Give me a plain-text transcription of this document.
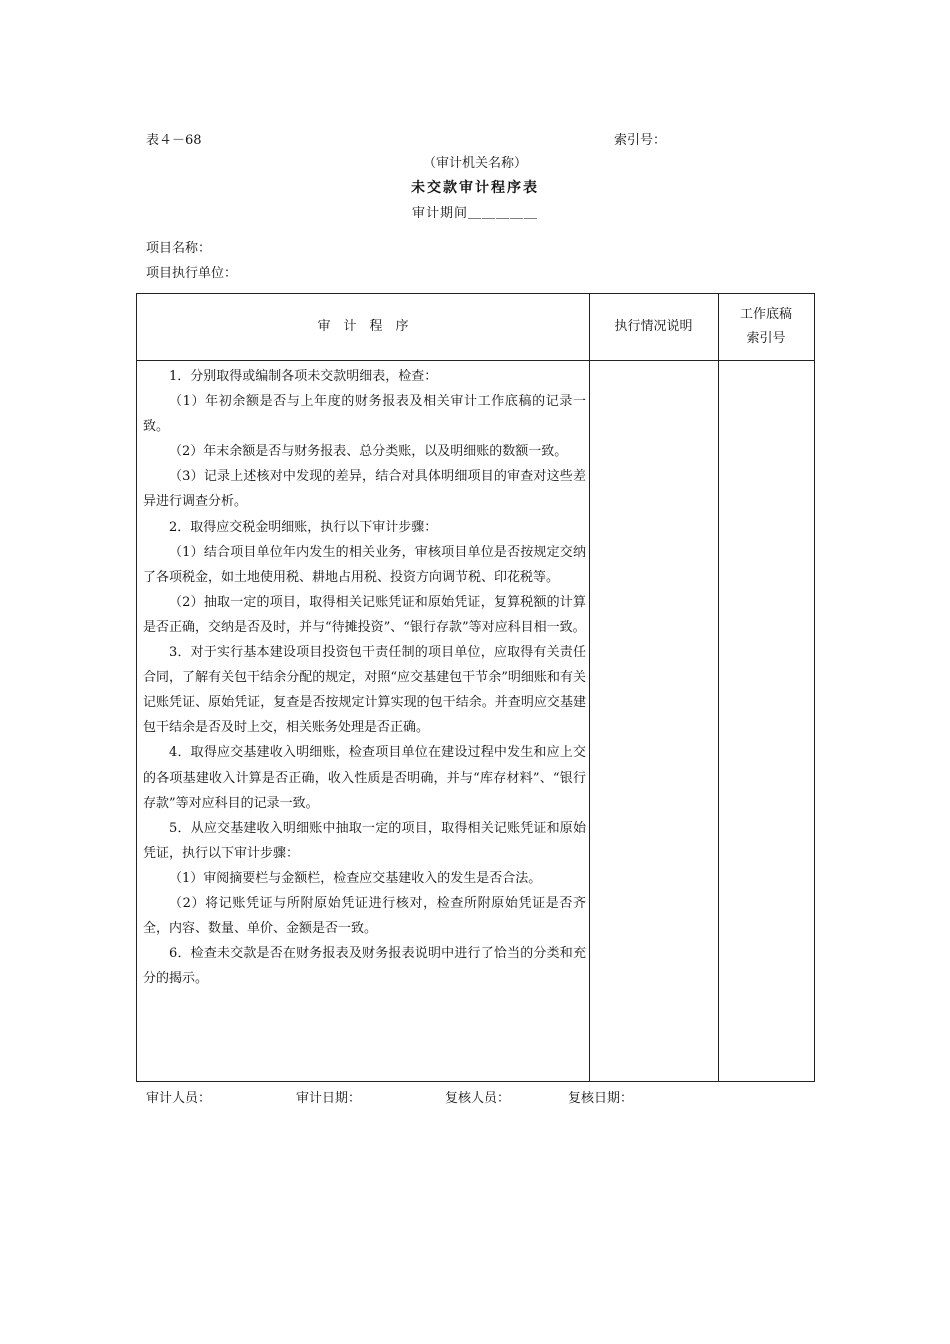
表４－68	索引号：
（审计机关名称）
未交款审计程序表
审计期间＿＿＿＿＿
项目名称：
项目执行单位：
审　计　程　序	执行情况说明
工作底稿
索引号

1．分别取得或编制各项未交款明细表，检查：

（1）年初余额是否与上年度的财务报表及相关审计工作底稿的记录一致。

（2）年末余额是否与财务报表、总分类账，以及明细账的数额一致。

（3）记录上述核对中发现的差异，结合对具体明细项目的审查对这些差异进行调查分析。

2．取得应交税金明细账，执行以下审计步骤：

（1）结合项目单位年内发生的相关业务，审核项目单位是否按规定交纳了各项税金，如土地使用税、耕地占用税、投资方向调节税、印花税等。

（2）抽取一定的项目，取得相关记账凭证和原始凭证，复算税额的计算是否正确，交纳是否及时，并与“待摊投资”、“银行存款”等对应科目相一致。

3．对于实行基本建设项目投资包干责任制的项目单位，应取得有关责任合同，了解有关包干结余分配的规定，对照“应交基建包干节余”明细账和有关记账凭证、原始凭证，复查是否按规定计算实现的包干结余。并查明应交基建包干结余是否及时上交，相关账务处理是否正确。

4．取得应交基建收入明细账，检查项目单位在建设过程中发生和应上交的各项基建收入计算是否正确，收入性质是否明确，并与“库存材料”、“银行存款”等对应科目的记录一致。

5．从应交基建收入明细账中抽取一定的项目，取得相关记账凭证和原始凭证，执行以下审计步骤：

（1）审阅摘要栏与金额栏，检查应交基建收入的发生是否合法。

（2）将记账凭证与所附原始凭证进行核对，检查所附原始凭证是否齐全，内容、数量、单价、金额是否一致。

6．检查未交款是否在财务报表及财务报表说明中进行了恰当的分类和充分的揭示。

审计人员：	审计日期：	复核人员：	复核日期：
